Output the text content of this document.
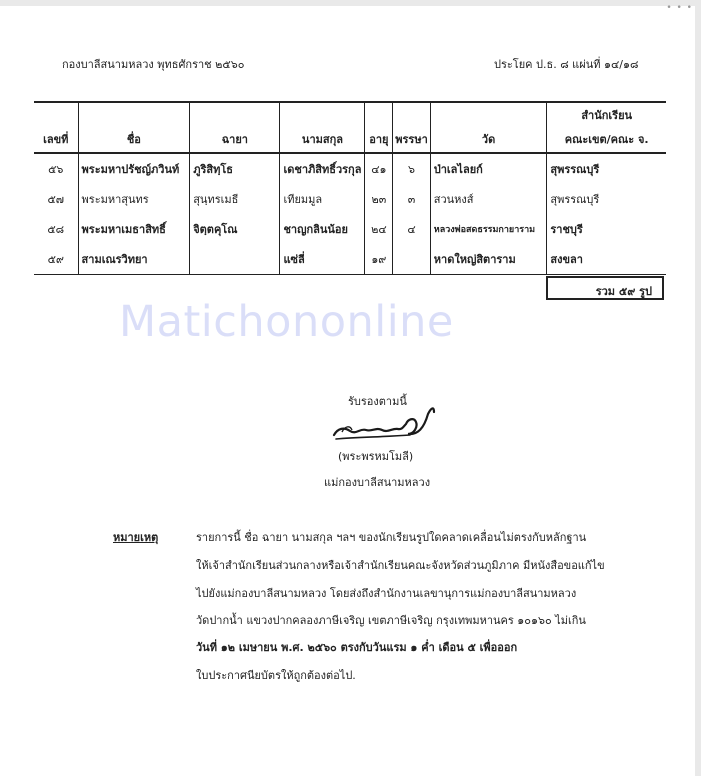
• • •
กองบาลีสนามหลวง พุทธศักราช ๒๕๖๐	ประโยค ป.ธ. ๘ แผ่นที่ ๑๔/๑๘
เลขที่	ชื่อ	ฉายา	นามสกุล	อายุ	พรรษา	วัด	สำนักเรียน
คณะเขต/คณะ จ.

๕๖	พระมหาปรัชญ์ภวินท์	ภูริสิทฺโธ	เดชาภิสิทธิ์วรกุล	๔๑	๖	ป่าเลไลยก์	สุพรรณบุรี
๕๗	พระมหาสุนทร	สุนฺทรเมธี	เทียมมูล	๒๓	๓	สวนหงส์	สุพรรณบุรี
๕๘	พระมหาเมธาสิทธิ์	จิตฺตคุโณ	ชาญกลินน้อย	๒๔	๔	หลวงพ่อสดธรรมกายาราม	ราชบุรี
๕๙	สามเณรวิทยา		แซ่ลี่	๑๙		หาดใหญ่สิตาราม	สงขลา
รวม ๕๙ รูป
Matichononline
รับรองตามนี้
(พระพรหมโมลี)
แม่กองบาลีสนามหลวง
หมายเหตุ	รายการนี้ ชื่อ ฉายา นามสกุล ฯลฯ ของนักเรียนรูปใดคลาดเคลื่อนไม่ตรงกับหลักฐาน
ให้เจ้าสำนักเรียนส่วนกลางหรือเจ้าสำนักเรียนคณะจังหวัดส่วนภูมิภาค มีหนังสือขอแก้ไข
ไปยังแม่กองบาลีสนามหลวง โดยส่งถึงสำนักงานเลขานุการแม่กองบาลีสนามหลวง
วัดปากน้ำ แขวงปากคลองภาษีเจริญ เขตภาษีเจริญ กรุงเทพมหานคร ๑๐๑๖๐ ไม่เกิน
วันที่ ๑๒ เมษายน พ.ศ. ๒๕๖๐ ตรงกับวันแรม ๑ ค่ำ เดือน ๕ เพื่อออก
ใบประกาศนียบัตรให้ถูกต้องต่อไป.
